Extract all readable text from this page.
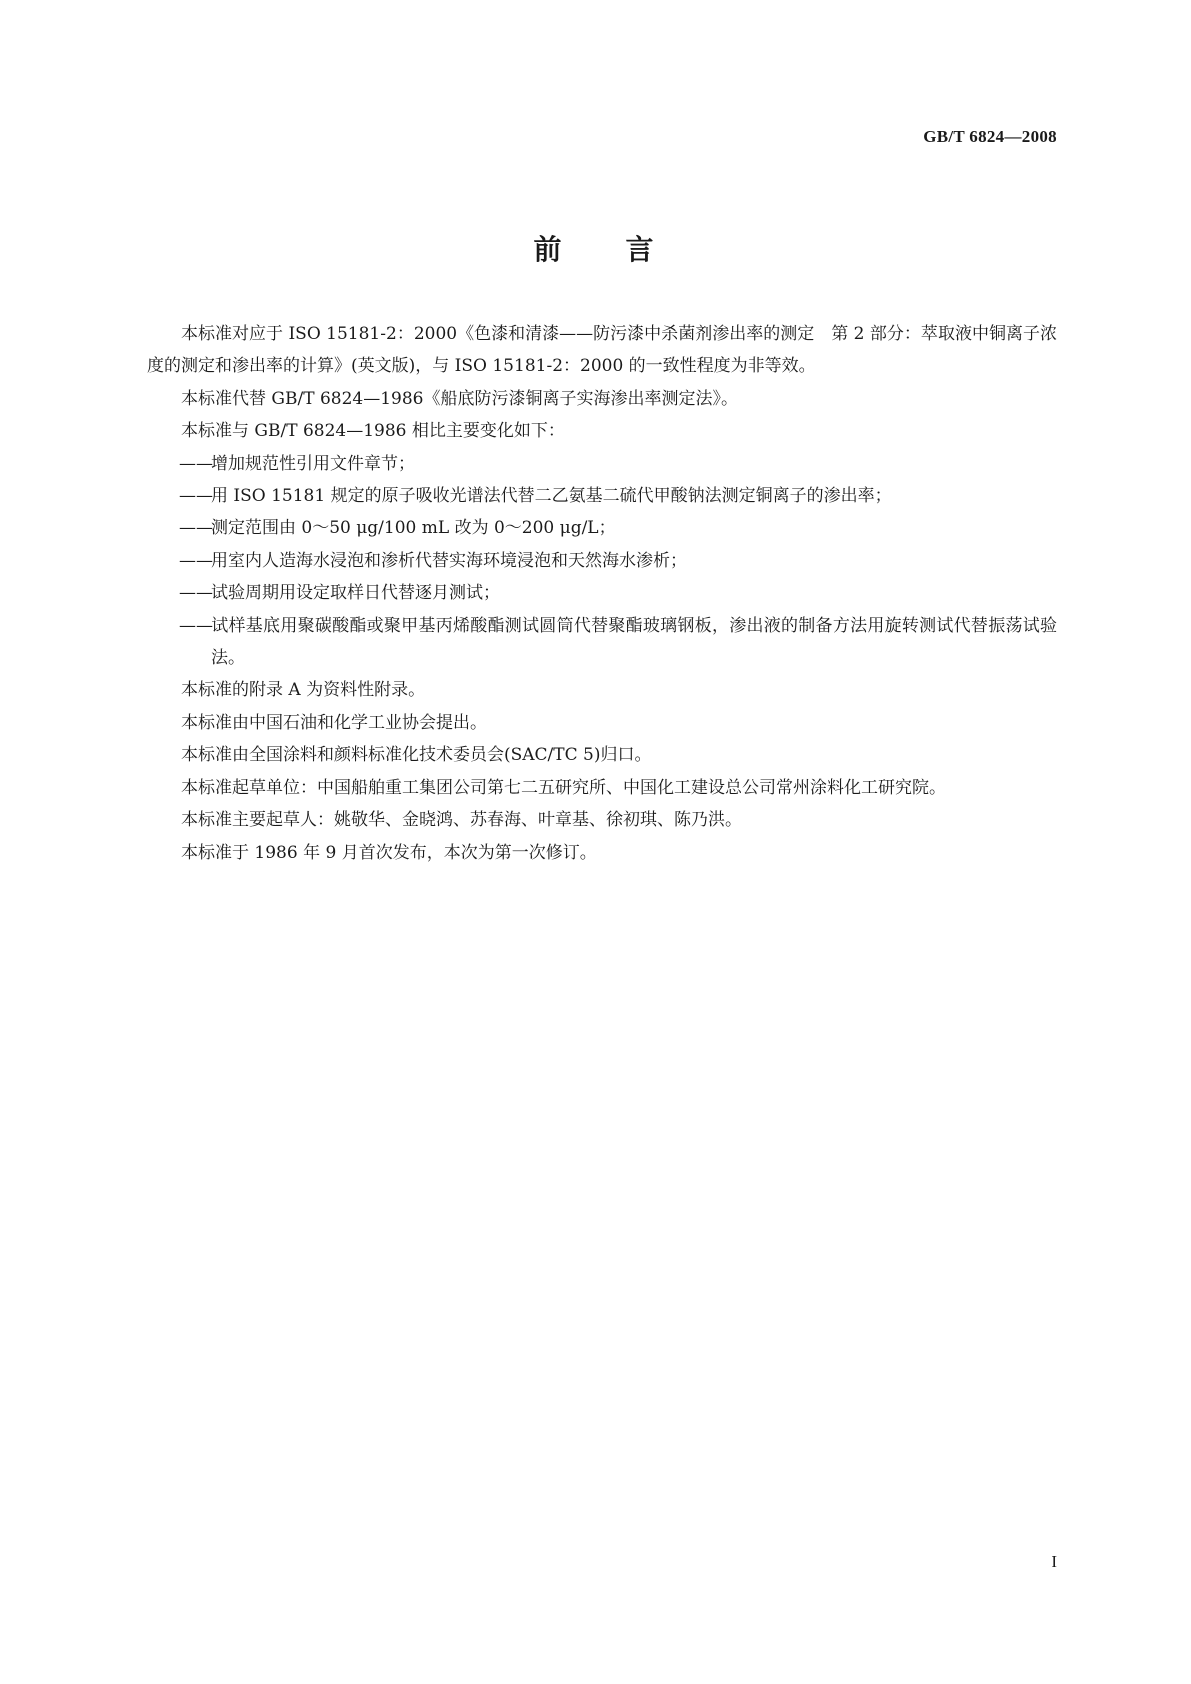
GB/T 6824—2008
前 言

本标准对应于 ISO 15181-2：2000《色漆和清漆——防污漆中杀菌剂渗出率的测定　第 2 部分：萃取液中铜离子浓度的测定和渗出率的计算》(英文版)，与 ISO 15181-2：2000 的一致性程度为非等效。

本标准代替 GB/T 6824—1986《船底防污漆铜离子实海渗出率测定法》。

本标准与 GB/T 6824—1986 相比主要变化如下：

——增加规范性引用文件章节；

——用 ISO 15181 规定的原子吸收光谱法代替二乙氨基二硫代甲酸钠法测定铜离子的渗出率；

——测定范围由 0～50 μg/100 mL 改为 0～200 μg/L；

——用室内人造海水浸泡和渗析代替实海环境浸泡和天然海水渗析；

——试验周期用设定取样日代替逐月测试；

——试样基底用聚碳酸酯或聚甲基丙烯酸酯测试圆筒代替聚酯玻璃钢板，渗出液的制备方法用旋转测试代替振荡试验法。

本标准的附录 A 为资料性附录。

本标准由中国石油和化学工业协会提出。

本标准由全国涂料和颜料标准化技术委员会(SAC/TC 5)归口。

本标准起草单位：中国船舶重工集团公司第七二五研究所、中国化工建设总公司常州涂料化工研究院。

本标准主要起草人：姚敬华、金晓鸿、苏春海、叶章基、徐初琪、陈乃洪。

本标准于 1986 年 9 月首次发布，本次为第一次修订。

I
